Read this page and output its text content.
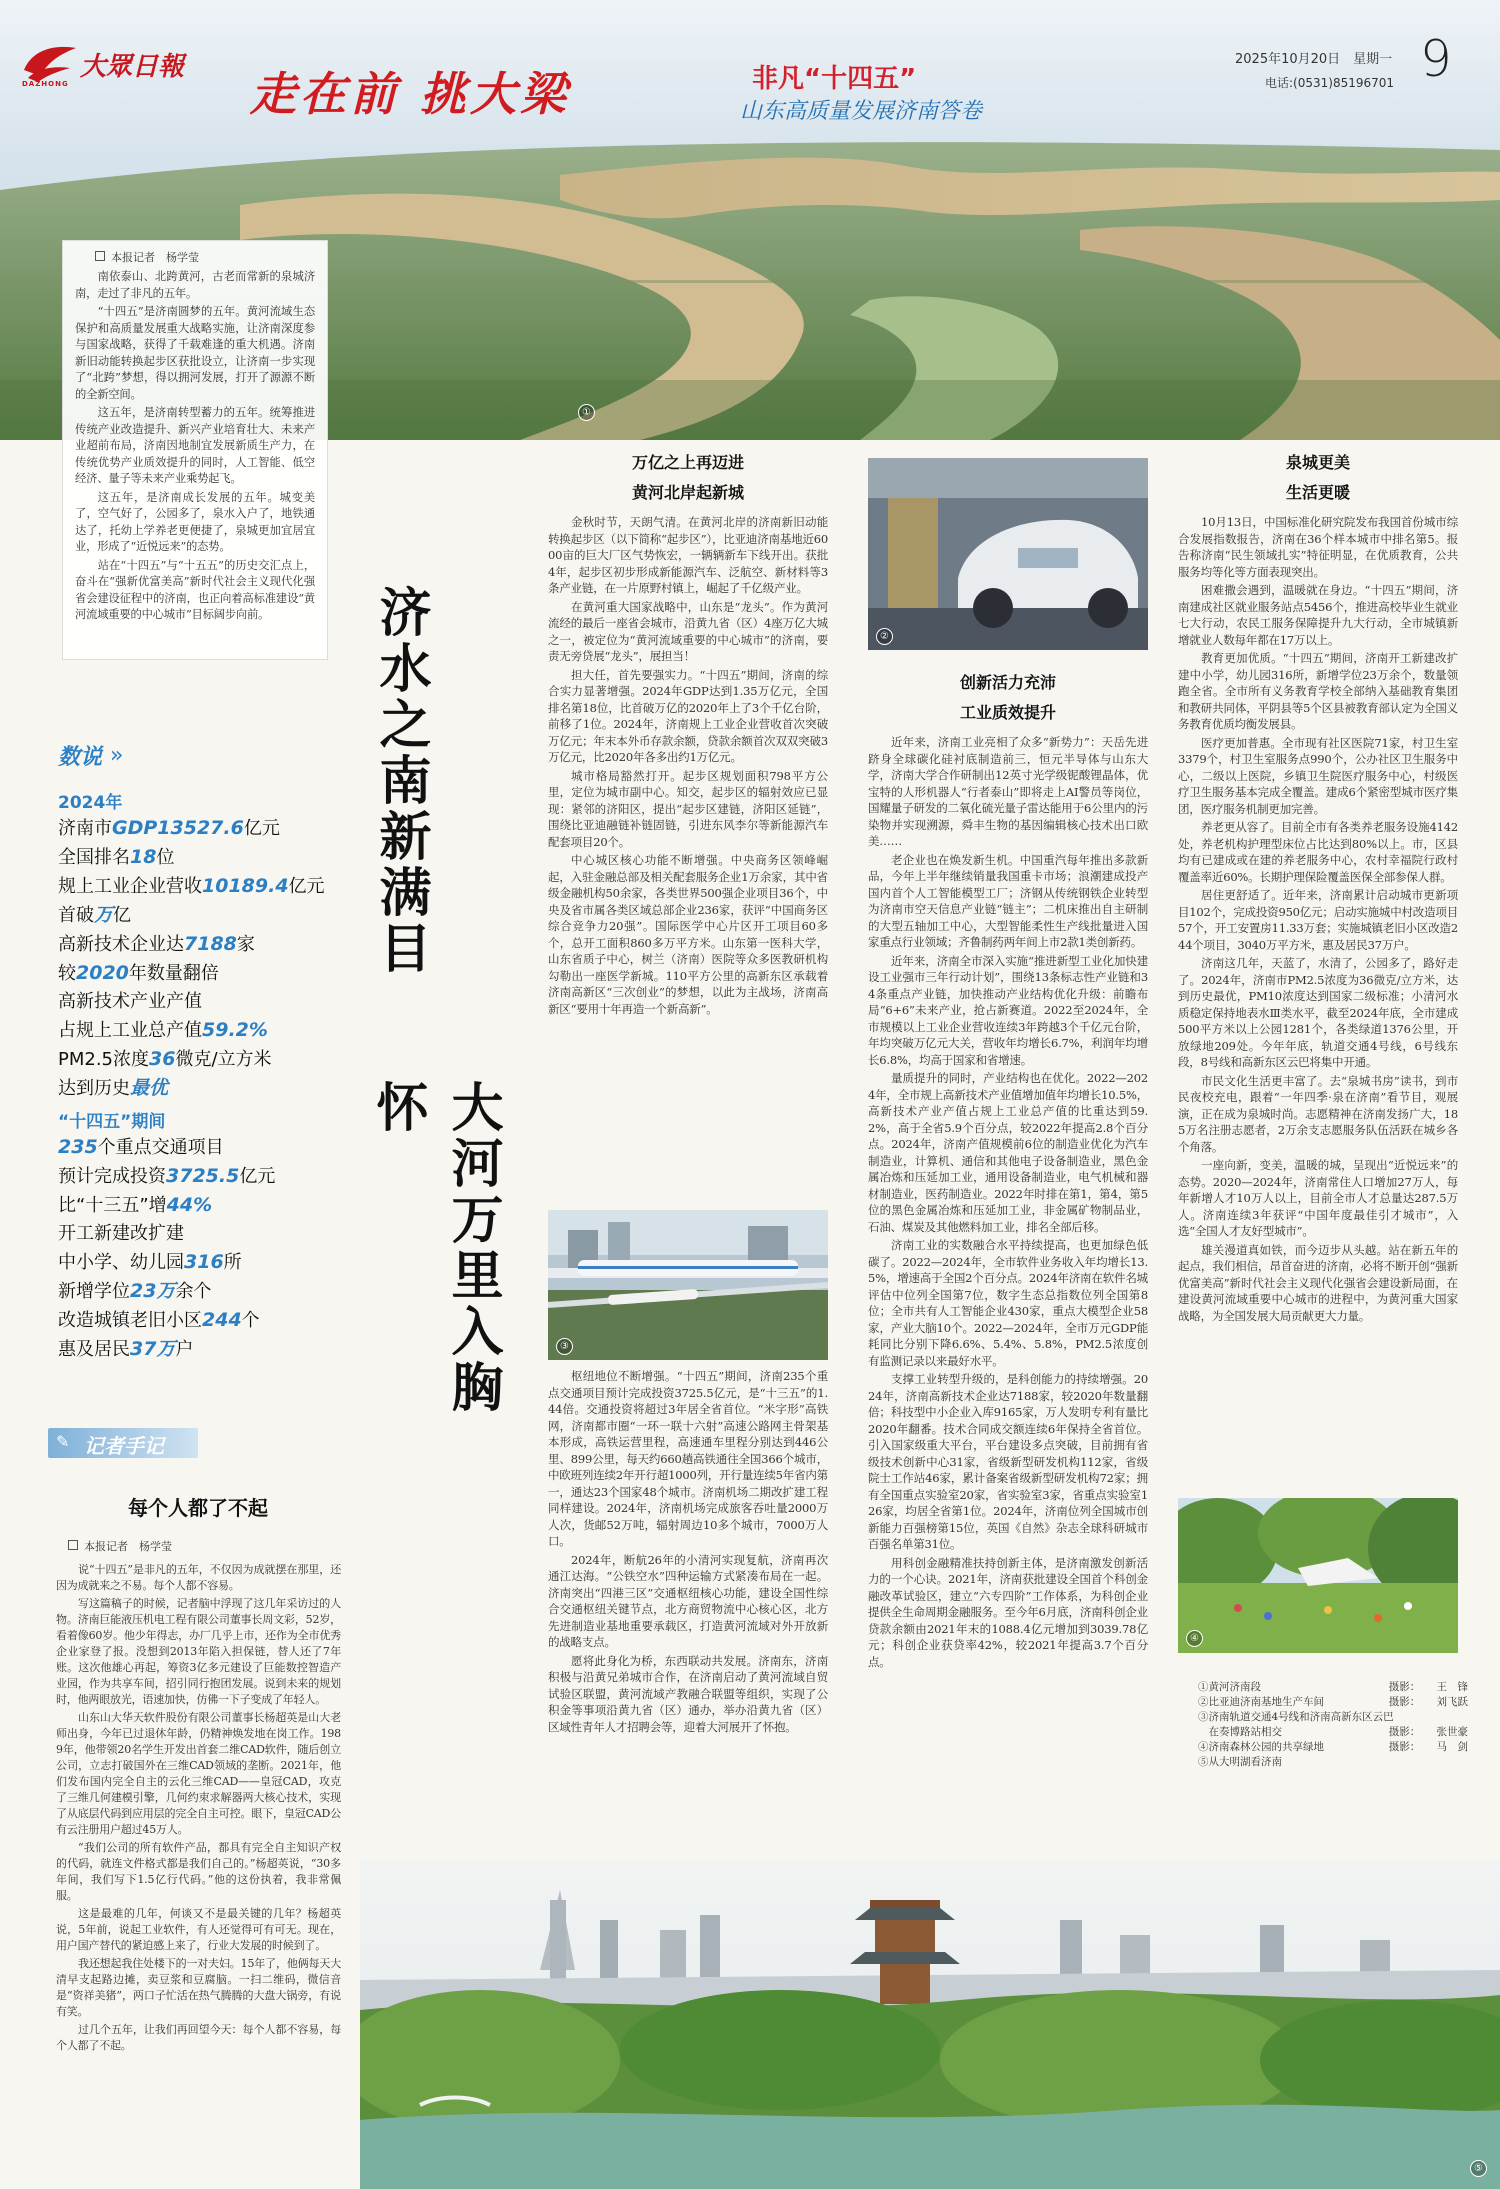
①
大眾日報
DAZHONG	走在前 挑大梁	非凡“十四五”
山东高质量发展济南答卷
2025年10月20日　星期一
电话:(0531)85196701 9
本报记者　杨学莹

南依泰山、北跨黄河，古老而常新的泉城济南，走过了非凡的五年。

“十四五”是济南圆梦的五年。黄河流域生态保护和高质量发展重大战略实施，让济南深度参与国家战略，获得了千载难逢的重大机遇。济南新旧动能转换起步区获批设立，让济南一步实现了“北跨”梦想，得以拥河发展，打开了源源不断的全新空间。

这五年，是济南转型蓄力的五年。统筹推进传统产业改造提升、新兴产业培育壮大、未来产业超前布局，济南因地制宜发展新质生产力，在传统优势产业质效提升的同时，人工智能、低空经济、量子等未来产业乘势起飞。

这五年，是济南成长发展的五年。城变美了，空气好了，公园多了，泉水入户了，地铁通达了，托幼上学养老更便捷了，泉城更加宜居宜业，形成了“近悦远来”的态势。

站在“十四五”与“十五五”的历史交汇点上，奋斗在“强新优富美高”新时代社会主义现代化强省会建设征程中的济南，也正向着高标准建设“黄河流域重要的中心城市”目标阔步向前。

数说 »
2024年
济南市GDP13527.6亿元
全国排名18位
规上工业企业营收10189.4亿元
首破万亿
高新技术企业达7188家
较2020年数量翻倍
高新技术产业产值
占规上工业总产值59.2%
PM2.5浓度36微克/立方米
达到历史最优
“十四五”期间
235个重点交通项目
预计完成投资3725.5亿元
比“十三五”增44%
开工新建改扩建
中小学、幼儿园316所
新增学位23万余个
改造城镇老旧小区244个
惠及居民37万户
✎ 记者手记
每个人都了不起
本报记者　杨学莹

说“十四五”是非凡的五年，不仅因为成就摆在那里，还因为成就来之不易。每个人都不容易。

写这篇稿子的时候，记者脑中浮现了这几年采访过的人物。济南巨能液压机电工程有限公司董事长周文彩，52岁，看着像60岁。他少年得志，办厂几乎上市，还作为全市优秀企业家登了报。没想到2013年陷入担保链，替人还了7年账。这次他雄心再起，筹资3亿多元建设了巨能数控智造产业园，作为共享车间，招引同行抱团发展。说到未来的规划时，他两眼放光，语速加快，仿佛一下子变成了年轻人。

山东山大华天软件股份有限公司董事长杨超英是山大老师出身，今年已过退休年龄，仍精神焕发地在岗工作。1989年，他带领20名学生开发出首套二维CAD软件，随后创立公司，立志打破国外在三维CAD领域的垄断。2021年，他们发布国内完全自主的云化三维CAD——皇冠CAD，攻克了三维几何建模引擎，几何约束求解器两大核心技术，实现了从底层代码到应用层的完全自主可控。眼下，皇冠CAD公有云注册用户超过45万人。

“我们公司的所有软件产品，都具有完全自主知识产权的代码，就连文件格式都是我们自己的。”杨超英说，“30多年间，我们写下1.5亿行代码。”他的这份执着，我非常佩服。

这是最难的几年，何谈又不是最关键的几年？杨超英说，5年前，说起工业软件，有人还觉得可有可无。现在，用户国产替代的紧迫感上来了，行业大发展的时候到了。

我还想起我住处楼下的一对夫妇。15年了，他俩每天大清早支起路边摊，卖豆浆和豆腐脑。一扫二维码，微信音是“资祥美猪”，两口子忙活在热气腾腾的大盘大锅旁，有说有笑。

过几个五年，让我们再回望今天：每个人都不容易，每个人都了不起。

济水之南新满目
大河万里入胸怀
万亿之上再迈进
黄河北岸起新城

金秋时节，天朗气清。在黄河北岸的济南新旧动能转换起步区（以下简称“起步区”），比亚迪济南基地近6000亩的巨大厂区气势恢宏，一辆辆新车下线开出。获批4年，起步区初步形成新能源汽车、泛航空、新材料等3条产业链，在一片原野村镇上，崛起了千亿级产业。

在黄河重大国家战略中，山东是“龙头”。作为黄河流经的最后一座省会城市，沿黄九省（区）4座万亿大城之一，被定位为“黄河流域重要的中心城市”的济南，要责无旁贷展“龙头”，展担当！

担大任，首先要强实力。“十四五”期间，济南的综合实力显著增强。2024年GDP达到1.35万亿元，全国排名第18位，比首破万亿的2020年上了3个千亿台阶，前移了1位。2024年，济南规上工业企业营收首次突破万亿元；年末本外币存款余额，贷款余额首次双双突破3万亿元，比2020年各多出约1万亿元。

城市格局豁然打开。起步区规划面积798平方公里，定位为城市副中心。知交，起步区的辐射效应已显现：紧邻的济阳区，提出“起步区建链，济阳区延链”，围绕比亚迪融链补链固链，引进东风李尔等新能源汽车配套项目20个。

中心城区核心功能不断增强。中央商务区领峰崛起，入驻金融总部及相关配套服务企业1万余家，其中省级金融机构50余家，各类世界500强企业项目36个，中央及省市属各类区域总部企业236家，获评“中国商务区综合竞争力20强”。国际医学中心片区开工项目60多个，总开工面积860多万平方米。山东第一医科大学，山东省质子中心，树兰（济南）医院等众多医教研机构勾勒出一座医学新城。110平方公里的高新东区承载着济南高新区“三次创业”的梦想，以此为主战场，济南高新区“要用十年再造一个新高新”。

③

枢纽地位不断增强。“十四五”期间，济南235个重点交通项目预计完成投资3725.5亿元，是“十三五”的1.44倍。交通投资将超过3年居全省首位。“米字形”高铁网，济南都市圈“一环一联十六射”高速公路网主骨架基本形成，高铁运营里程，高速通车里程分别达到446公里、899公里，每天约660趟高铁通往全国366个城市，中欧班列连续2年开行超1000列，开行量连续5年省内第一，通达23个国家48个城市。济南机场二期改扩建工程同样建设。2024年，济南机场完成旅客吞吐量2000万人次，货邮52万吨，辐射周边10多个城市，7000万人口。

2024年，断航26年的小清河实现复航，济南再次通江达海。“公铁空水”四种运输方式紧凑布局在一起。济南突出“四港三区”交通枢纽核心功能，建设全国性综合交通枢纽关键节点，北方商贸物流中心核心区，北方先进制造业基地重要承载区，打造黄河流域对外开放新的战略支点。

愿将此身化为桥，东西联动共发展。济南东，济南积极与沿黄兄弟城市合作，在济南启动了黄河流域自贸试验区联盟，黄河流域产教融合联盟等组织，实现了公积金等事项沿黄九省（区）通办，举办沿黄九省（区）区域性青年人才招聘会等，迎着大河展开了怀抱。

②
创新活力充沛
工业质效提升

近年来，济南工业亮相了众多“新势力”：天岳先进跻身全球碳化硅衬底制造前三，恒元半导体与山东大学，济南大学合作研制出12英寸光学级铌酸锂晶体，优宝特的人形机器人“行者泰山”即将走上AI警员等岗位，国耀量子研发的二氧化硫光量子雷达能用于6公里内的污染物并实现溯源，舜丰生物的基因编辑核心技术出口欧美……

老企业也在焕发新生机。中国重汽每年推出多款新品，今年上半年继续销量我国重卡市场；浪潮建成投产国内首个人工智能模型工厂；济钢从传统钢铁企业转型为济南市空天信息产业链“链主”；二机床推出自主研制的大型五轴加工中心，大型智能柔性生产线批量进入国家重点行业领域；齐鲁制药两年间上市2款1类创新药。

近年来，济南全市深入实施“推进新型工业化加快建设工业强市三年行动计划”，围绕13条标志性产业链和34条重点产业链，加快推动产业结构优化升级：前瞻布局“6+6”未来产业，抢占新赛道。2022至2024年，全市规模以上工业企业营收连续3年跨越3个千亿元台阶，年均突破万亿元大关，营收年均增长6.7%，利润年均增长6.8%，均高于国家和省增速。

量质提升的同时，产业结构也在优化。2022—2024年，全市规上高新技术产业值增加值年均增长10.5%，高新技术产业产值占规上工业总产值的比重达到59.2%，高于全省5.9个百分点，较2022年提高2.8个百分点。2024年，济南产值规模前6位的制造业优化为汽车制造业，计算机、通信和其他电子设备制造业，黑色金属冶炼和压延加工业，通用设备制造业，电气机械和器材制造业，医药制造业。2022年时排在第1，第4，第5位的黑色金属冶炼和压延加工业，非金属矿物制品业，石油、煤炭及其他燃料加工业，排名全部后移。

济南工业的实数融合水平持续提高，也更加绿色低碳了。2022—2024年，全市软件业务收入年均增长13.5%，增速高于全国2个百分点。2024年济南在软件名城评估中位列全国第7位，数字生态总指数位列全国第8位；全市共有人工智能企业430家，重点大模型企业58家，产业大脑10个。2022—2024年，全市万元GDP能耗同比分别下降6.6%、5.4%、5.8%，PM2.5浓度创有监测记录以来最好水平。

支撑工业转型升级的，是科创能力的持续增强。2024年，济南高新技术企业达7188家，较2020年数量翻倍；科技型中小企业入库9165家，万人发明专利有量比2020年翻番。技术合同成交额连续6年保持全省首位。引入国家级重大平台，平台建设多点突破，目前拥有省级技术创新中心31家，省级新型研发机构112家，省级院士工作站46家，累计备案省级新型研发机构72家；拥有全国重点实验室20家，省实验室3家，省重点实验室126家，均居全省第1位。2024年，济南位列全国城市创新能力百强榜第15位，英国《自然》杂志全球科研城市百强名单第31位。

用科创金融精准扶持创新主体，是济南激发创新活力的一个心诀。2021年，济南获批建设全国首个科创金融改革试验区，建立“六专四阶”工作体系，为科创企业提供全生命周期金融服务。至今年6月底，济南科创企业贷款余额由2021年末的1088.4亿元增加到3039.78亿元；科创企业获贷率42%，较2021年提高3.7个百分点。

泉城更美
生活更暖

10月13日，中国标准化研究院发布我国首份城市综合发展指数报告，济南在36个样本城市中排名第5。报告称济南“民生领域扎实”特征明显，在优质教育，公共服务均等化等方面表现突出。

困难撒会遇到，温暖就在身边。“十四五”期间，济南建成社区就业服务站点5456个，推进高校毕业生就业七大行动，农民工服务保障提升九大行动，全市城镇新增就业人数每年都在17万以上。

教育更加优质。“十四五”期间，济南开工新建改扩建中小学，幼儿园316所，新增学位23万余个，数量领跑全省。全市所有义务教育学校全部纳入基础教育集团和教研共同体，平阴县等5个区县被教育部认定为全国义务教育优质均衡发展县。

医疗更加普惠。全市现有社区医院71家，村卫生室3379个，村卫生室服务点990个，公办社区卫生服务中心，二级以上医院，乡镇卫生院医疗服务中心，村级医疗卫生服务基本完成全覆盖。建成6个紧密型城市医疗集团，医疗服务机制更加完善。

养老更从容了。目前全市有各类养老服务设施4142处，养老机构护理型床位占比达到80%以上。市，区县均有已建成或在建的养老服务中心，农村幸福院行政村覆盖率近60%。长期护理保险覆盖医保全部参保人群。

居住更舒适了。近年来，济南累计启动城市更新项目102个，完成投资950亿元；启动实施城中村改造项目57个，开工安置房11.33万套；实施城镇老旧小区改造244个项目，3040万平方米，惠及居民37万户。

济南这几年，天蓝了，水清了，公园多了，路好走了。2024年，济南市PM2.5浓度为36微克/立方米，达到历史最优，PM10浓度达到国家二级标准；小清河水质稳定保持地表水Ⅲ类水平，截至2024年底，全市建成500平方米以上公园1281个，各类绿道1376公里，开放绿地209处。今年年底，轨道交通4号线，6号线东段，8号线和高新东区云巴将集中开通。

市民文化生活更丰富了。去“泉城书房”读书，到市民夜校充电，跟着“一年四季·泉在济南”看节目，观展演，正在成为泉城时尚。志愿精神在济南发扬广大，185万名注册志愿者，2万余支志愿服务队伍活跃在城乡各个角落。

一座向新，变美，温暖的城，呈现出“近悦远来”的态势。2020—2024年，济南常住人口增加27万人，每年新增人才10万人以上，目前全市人才总量达287.5万人。济南连续3年获评“中国年度最佳引才城市”，入选“全国人才友好型城市”。

雄关漫道真如铁，而今迈步从头越。站在新五年的起点，我们相信，昂首奋进的济南，必将不断开创“强新优富美高”新时代社会主义现代化强省会建设新局面，在建设黄河流域重要中心城市的进程中，为黄河重大国家战略，为全国发展大局贡献更大力量。

④
①黄河济南段	摄影：	王　锋
②比亚迪济南基地生产车间	摄影：	刘飞跃
③济南轨道交通4号线和济南高新东区云巴
　在奏博路站相交	摄影：	张世豪
④济南森林公园的共享绿地	摄影：	马　剑
⑤从大明湖看济南
⑤
